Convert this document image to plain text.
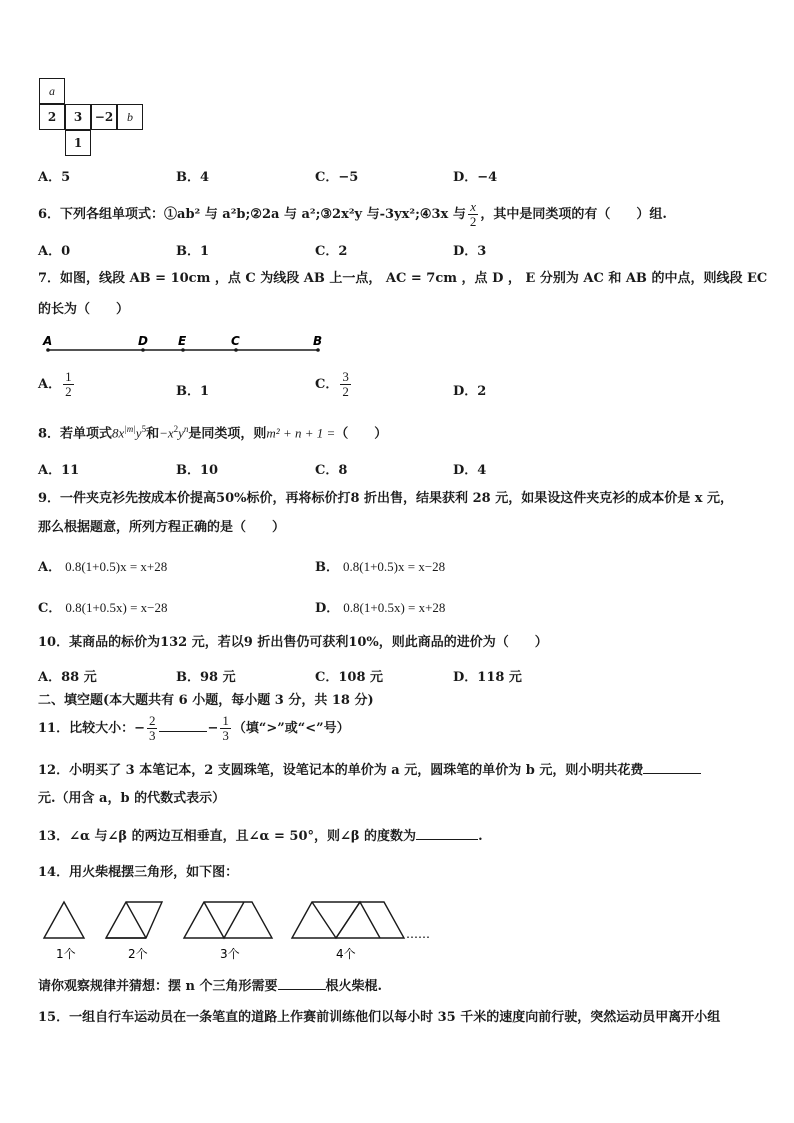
a
2 3 −2 b
1
A．5	B．4	C．−5	D．−4
6．下列各组单项式：①ab² 与 a²b;②2a 与 a²;③2x²y 与-3yx²;④3x 与 $\frac{x}{2}$ ，其中是同类项的有（　　）组.
A．0	B．1	C．2	D．3
7．如图，线段 AB = 10cm ，点 C 为线段 AB 上一点， AC = 7cm ，点 D ， E 分别为 AC 和 AB 的中点，则线段 EC
的长为（　　）
A	D	E	C	B
A． $\frac{1}{2}$	B．1	C． $\frac{3}{2}$	D．2
8．若单项式$8x^{|m|}y^5$和$-x^2y^n$是同类项，则m² + n + 1 =（　　）
A．11	B．10	C．8	D．4
9．一件夹克衫先按成本价提高50%标价，再将标价打8 折出售，结果获利 28 元，如果设这件夹克衫的成本价是 x 元，
那么根据题意，所列方程正确的是（　　）
A． 0.8(1+0.5)x = x+28	B． 0.8(1+0.5)x = x−28
C． 0.8(1+0.5x) = x−28	D． 0.8(1+0.5x) = x+28
10．某商品的标价为132 元，若以9 折出售仍可获利10%，则此商品的进价为（　　）
A．88 元	B．98 元	C．108 元	D．118 元
二、填空题(本大题共有 6 小题，每小题 3 分，共 18 分)
11．比较大小：− $\frac{2}{3}$	− $\frac{1}{3}$ （填“>”或“<”号）
12．小明买了 3 本笔记本，2 支圆珠笔，设笔记本的单价为 a 元，圆珠笔的单价为 b 元，则小明共花费
元.（用含 a，b 的代数式表示）
13．∠α 与∠β 的两边互相垂直，且∠α = 50°，则∠β 的度数为	.
14．用火柴棍摆三角形，如下图：
1个	2个	3个	4个
……
请你观察规律并猜想：摆 n 个三角形需要	根火柴棍.
15．一组自行车运动员在一条笔直的道路上作赛前训练他们以每小时 35 千米的速度向前行驶，突然运动员甲离开小组
